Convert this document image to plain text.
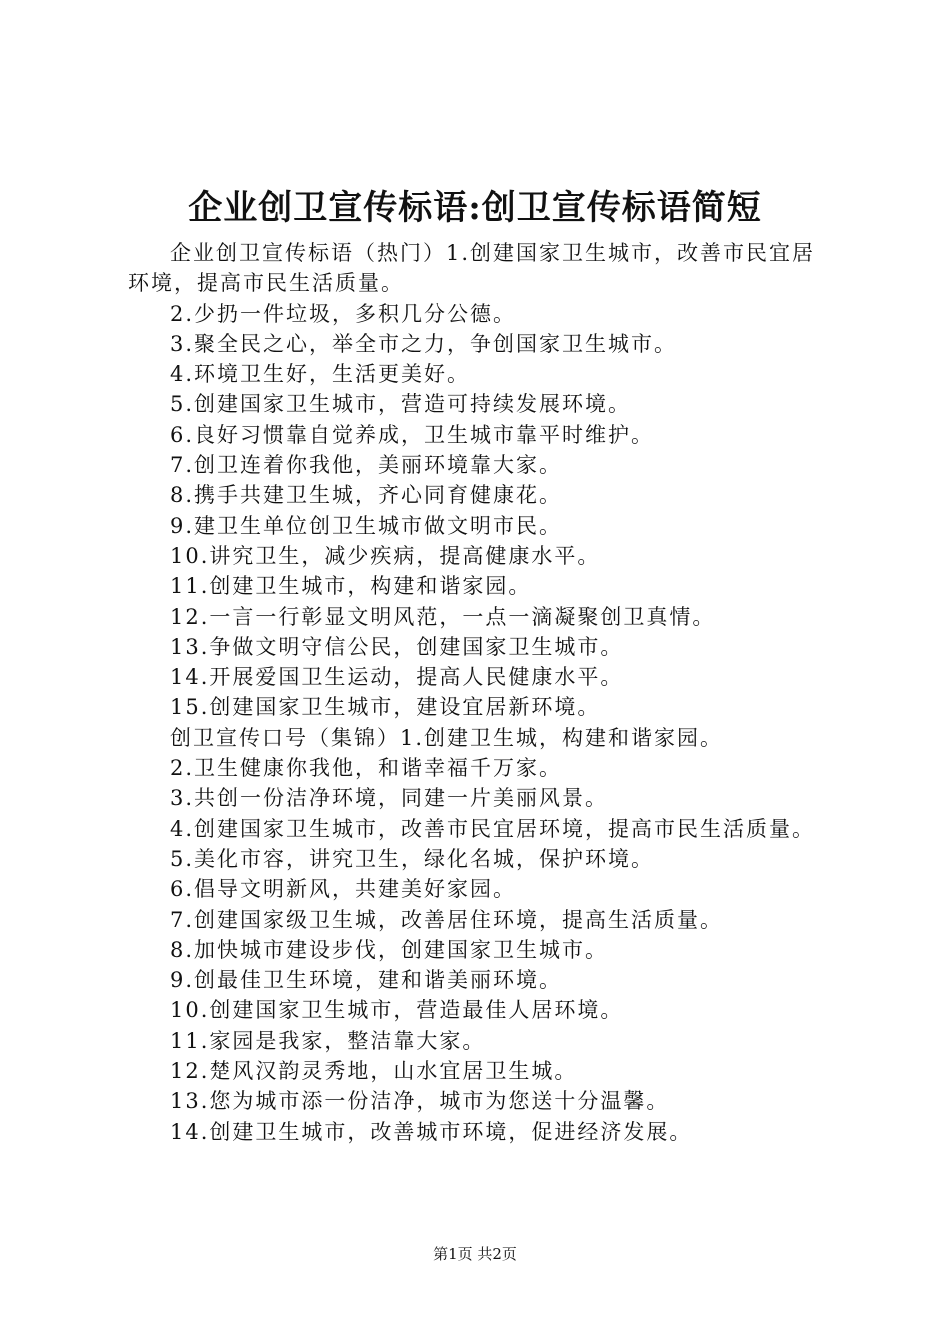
企业创卫宣传标语:创卫宣传标语简短

企业创卫宣传标语（热门）1.创建国家卫生城市，改善市民宜居环境，提高市民生活质量。

2.少扔一件垃圾，多积几分公德。

3.聚全民之心，举全市之力，争创国家卫生城市。

4.环境卫生好，生活更美好。

5.创建国家卫生城市，营造可持续发展环境。

6.良好习惯靠自觉养成，卫生城市靠平时维护。

7.创卫连着你我他，美丽环境靠大家。

8.携手共建卫生城，齐心同育健康花。

9.建卫生单位创卫生城市做文明市民。

10.讲究卫生，减少疾病，提高健康水平。

11.创建卫生城市，构建和谐家园。

12.一言一行彰显文明风范，一点一滴凝聚创卫真情。

13.争做文明守信公民，创建国家卫生城市。

14.开展爱国卫生运动，提高人民健康水平。

15.创建国家卫生城市，建设宜居新环境。

创卫宣传口号（集锦）1.创建卫生城，构建和谐家园。

2.卫生健康你我他，和谐幸福千万家。

3.共创一份洁净环境，同建一片美丽风景。

4.创建国家卫生城市，改善市民宜居环境，提高市民生活质量。

5.美化市容，讲究卫生，绿化名城，保护环境。

6.倡导文明新风，共建美好家园。

7.创建国家级卫生城，改善居住环境，提高生活质量。

8.加快城市建设步伐，创建国家卫生城市。

9.创最佳卫生环境，建和谐美丽环境。

10.创建国家卫生城市，营造最佳人居环境。

11.家园是我家，整洁靠大家。

12.楚风汉韵灵秀地，山水宜居卫生城。

13.您为城市添一份洁净，城市为您送十分温馨。

14.创建卫生城市，改善城市环境，促进经济发展。

第1页 共2页
